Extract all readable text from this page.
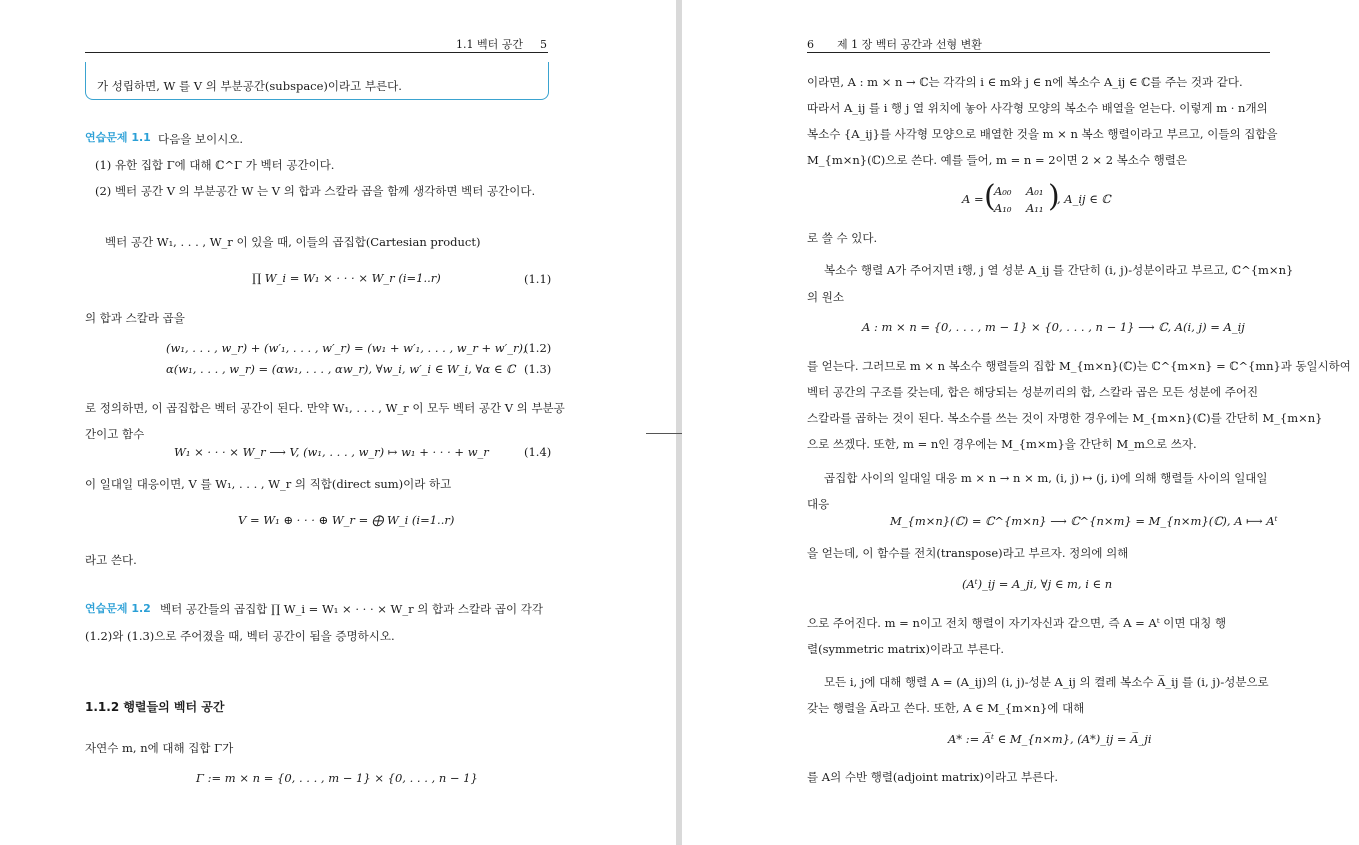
1.1 벡터 공간 5
가 성립하면, W 를 V 의 부분공간(subspace)이라고 부른다.
연습문제 1.1 다음을 보이시오.
(1) 유한 집합 Γ에 대해 ℂ^Γ 가 벡터 공간이다.
(2) 벡터 공간 V 의 부분공간 W 는 V 의 합과 스칼라 곱을 함께 생각하면 벡터 공간이다.
벡터 공간 W₁, . . . , W_r 이 있을 때, 이들의 곱집합(Cartesian product)
∏ W_i = W₁ × · · · × W_r (i=1..r)	(1.1)
의 합과 스칼라 곱을
(w₁, . . . , w_r) + (w′₁, . . . , w′_r) = (w₁ + w′₁, . . . , w_r + w′_r),
(1.2)
α(w₁, . . . , w_r) = (αw₁, . . . , αw_r), ∀w_i, w′_i ∈ W_i, ∀α ∈ ℂ (1.3)
로 정의하면, 이 곱집합은 벡터 공간이 된다. 만약 W₁, . . . , W_r 이 모두 벡터 공간 V 의 부분공
간이고 함수
W₁ × · · · × W_r ⟶ V, (w₁, . . . , w_r) ↦ w₁ + · · · + w_r	(1.4)
이 일대일 대응이면, V 를 W₁, . . . , W_r 의 직합(direct sum)이라 하고
V = W₁ ⊕ · · · ⊕ W_r = ⨁ W_i (i=1..r)
라고 쓴다.
연습문제 1.2 벡터 공간들의 곱집합 ∏ W_i = W₁ × · · · × W_r 의 합과 스칼라 곱이 각각
(1.2)와 (1.3)으로 주어졌을 때, 벡터 공간이 됨을 증명하시오.
1.1.2 행렬들의 벡터 공간
자연수 m, n에 대해 집합 Γ가
Γ := m × n = {0, . . . , m − 1} × {0, . . . , n − 1}
6 제 1 장 벡터 공간과 선형 변환
이라면, A : m × n → ℂ는 각각의 i ∈ m와 j ∈ n에 복소수 A_ij ∈ ℂ를 주는 것과 같다.
따라서 A_ij 를 i 행 j 열 위치에 놓아 사각형 모양의 복소수 배열을 얻는다. 이렇게 m · n개의
복소수 {A_ij}를 사각형 모양으로 배열한 것을 m × n 복소 행렬이라고 부르고, 이들의 집합을
M_{m×n}(ℂ)으로 쓴다. 예를 들어, m = n = 2이면 2 × 2 복소수 행렬은
A = (
A₀₀ A₀₁
A₁₀ A₁₁ )
, A_ij ∈ ℂ
로 쓸 수 있다.
복소수 행렬 A가 주어지면 i행, j 열 성분 A_ij 를 간단히 (i, j)-성분이라고 부르고, ℂ^{m×n}
의 원소
A : m × n = {0, . . . , m − 1} × {0, . . . , n − 1} ⟶ ℂ, A(i, j) = A_ij
를 얻는다. 그러므로 m × n 복소수 행렬들의 집합 M_{m×n}(ℂ)는 ℂ^{m×n} = ℂ^{mn}과 동일시하여
벡터 공간의 구조를 갖는데, 합은 해당되는 성분끼리의 합, 스칼라 곱은 모든 성분에 주어진
스칼라를 곱하는 것이 된다. 복소수를 쓰는 것이 자명한 경우에는 M_{m×n}(ℂ)를 간단히 M_{m×n}
으로 쓰겠다. 또한, m = n인 경우에는 M_{m×m}을 간단히 M_m으로 쓰자.
곱집합 사이의 일대일 대응 m × n → n × m, (i, j) ↦ (j, i)에 의해 행렬들 사이의 일대일
대응
M_{m×n}(ℂ) = ℂ^{m×n} ⟶ ℂ^{n×m} = M_{n×m}(ℂ), A ⟼ Aᵗ
을 얻는데, 이 함수를 전치(transpose)라고 부르자. 정의에 의해
(Aᵗ)_ij = A_ji, ∀j ∈ m, i ∈ n
으로 주어진다. m = n이고 전치 행렬이 자기자신과 같으면, 즉 A = Aᵗ 이면 대칭 행
렬(symmetric matrix)이라고 부른다.
모든 i, j에 대해 행렬 A = (A_ij)의 (i, j)-성분 A_ij 의 켤레 복소수 A̅_ij 를 (i, j)-성분으로
갖는 행렬을 A̅라고 쓴다. 또한, A ∈ M_{m×n}에 대해
A* := A̅ᵗ ∈ M_{n×m}, (A*)_ij = A̅_ji
를 A의 수반 행렬(adjoint matrix)이라고 부른다.
